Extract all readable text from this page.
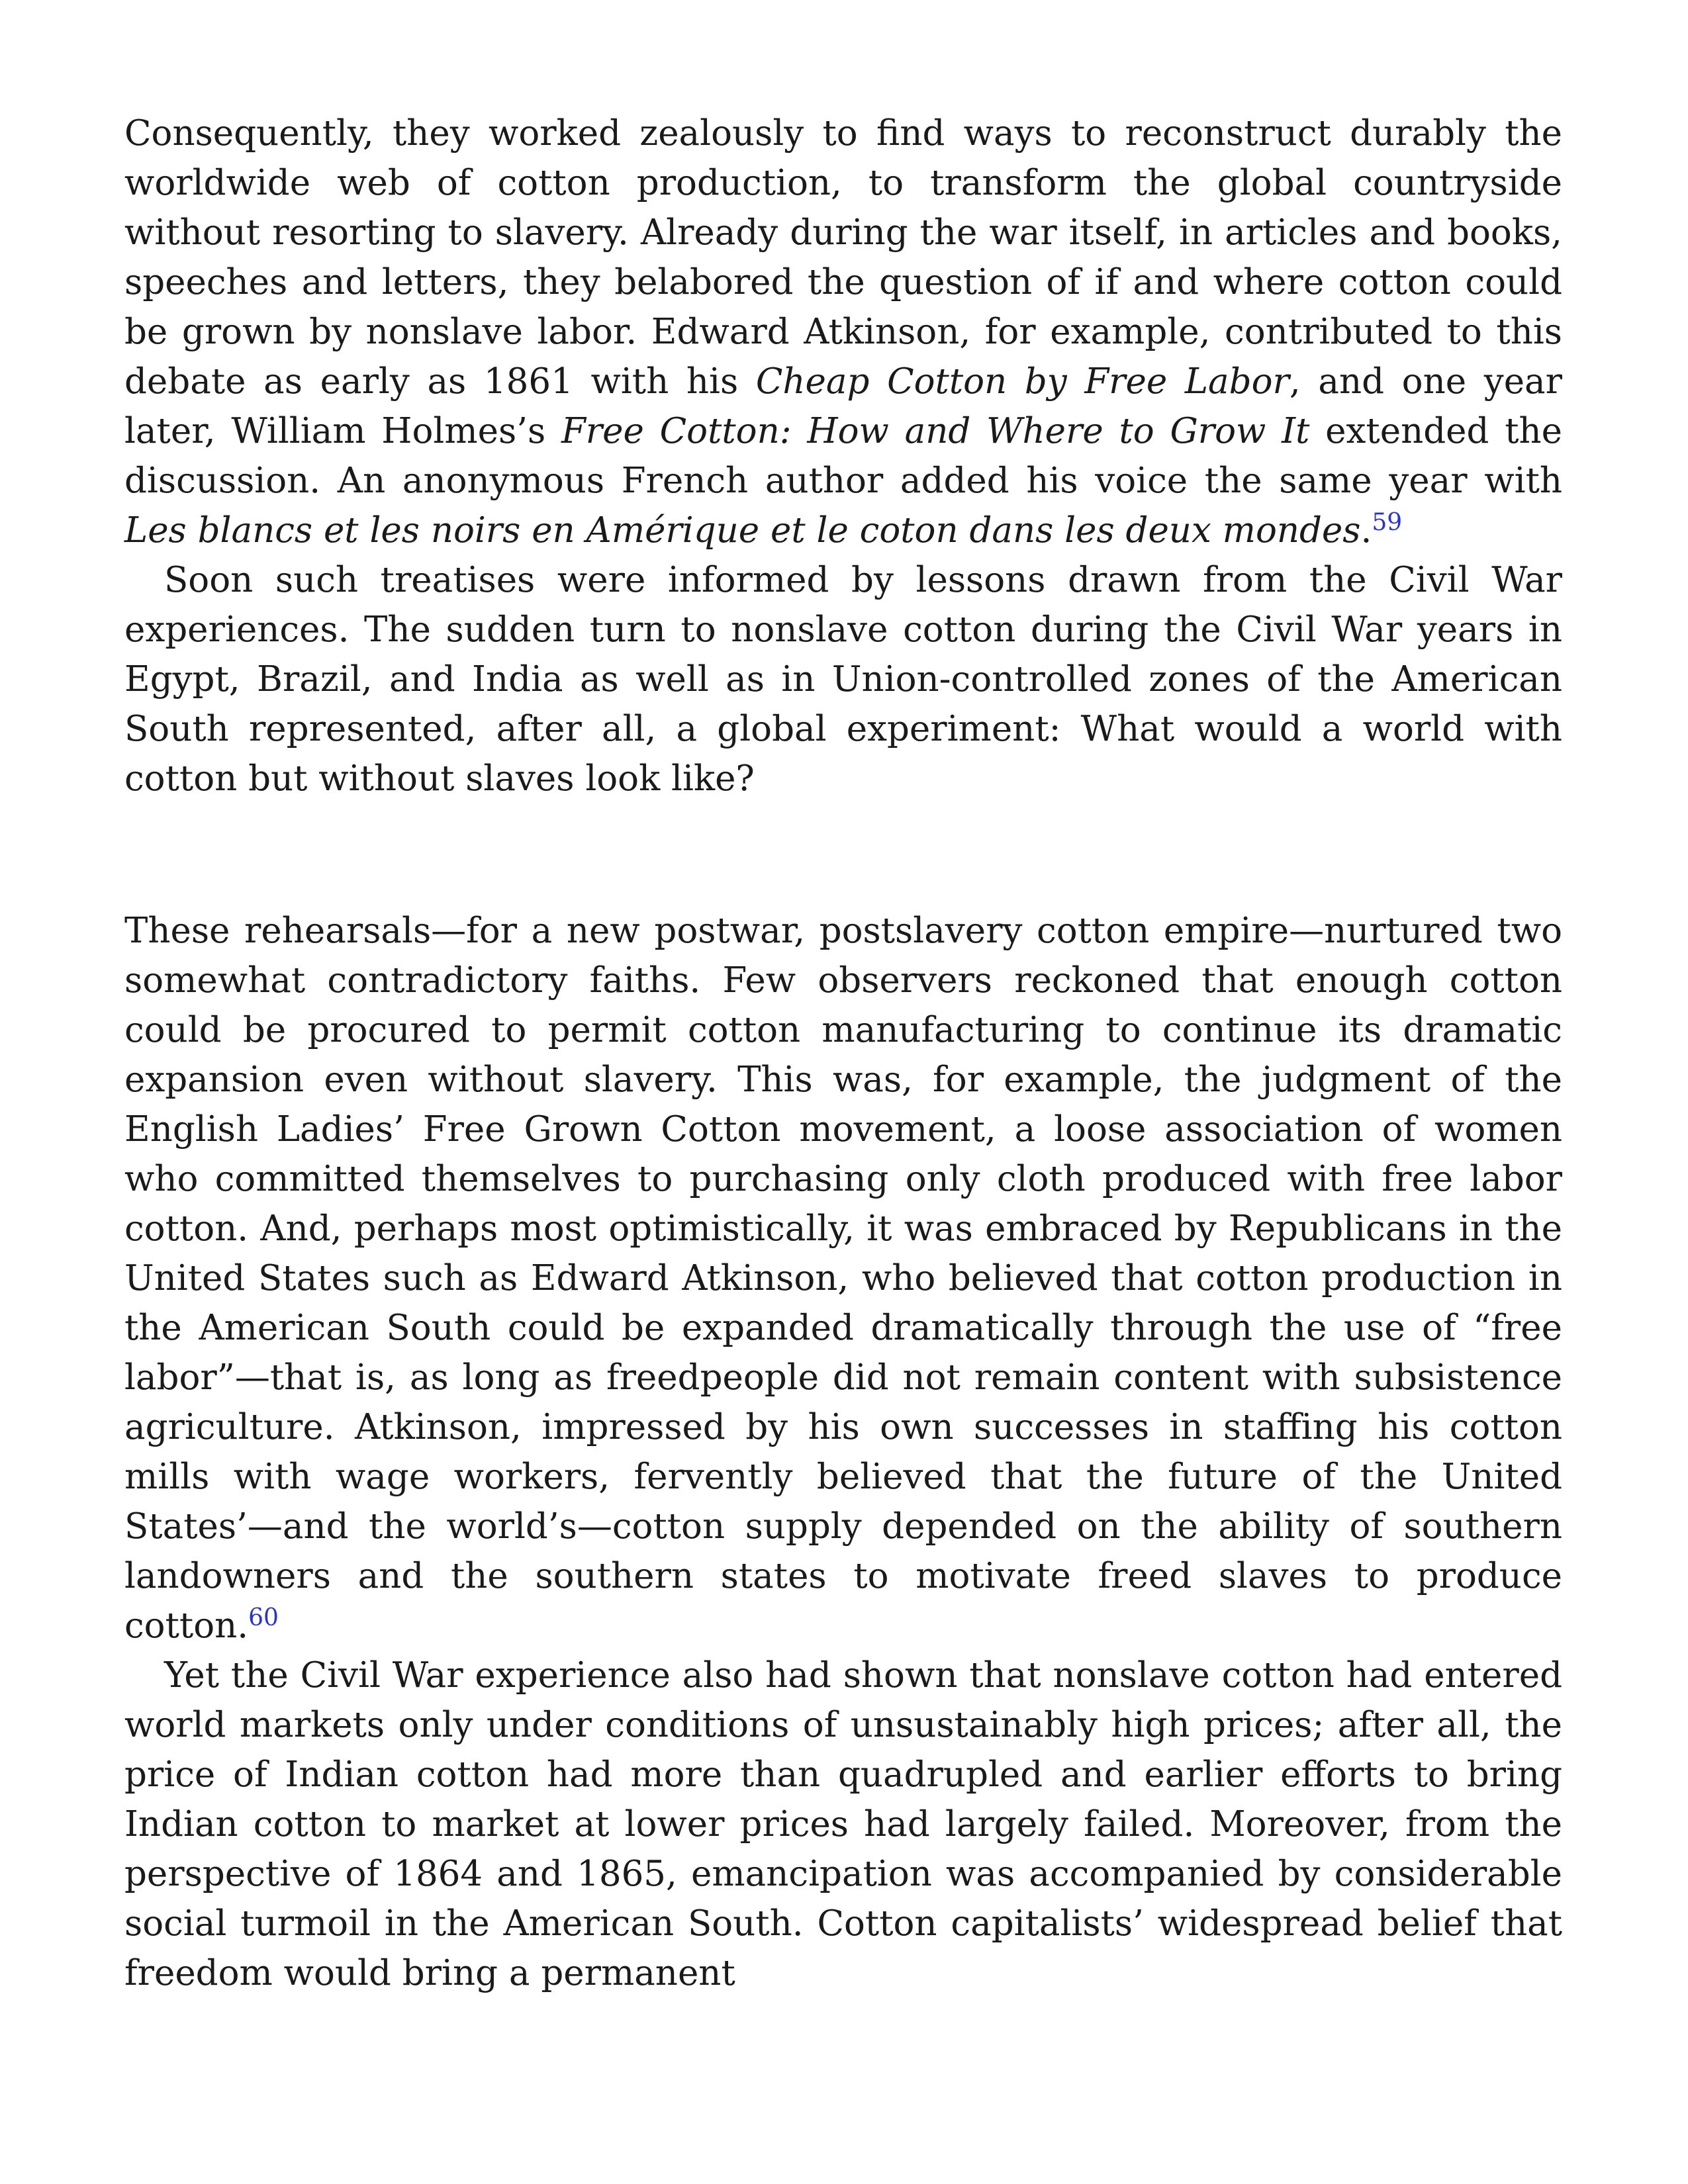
Consequently, they worked zealously to find ways to reconstruct durably the worldwide web of cotton production, to transform the global countryside without resorting to slavery. Already during the war itself, in articles and books, speeches and letters, they belabored the question of if and where cotton could be grown by nonslave labor. Edward Atkinson, for example, contributed to this debate as early as 1861 with his Cheap Cotton by Free Labor, and one year later, William Holmes’s Free Cotton: How and Where to Grow It extended the discussion. An anonymous French author added his voice the same year with Les blancs et les noirs en Amérique et le coton dans les deux mondes.$^{59}$

Soon such treatises were informed by lessons drawn from the Civil War experiences. The sudden turn to nonslave cotton during the Civil War years in Egypt, Brazil, and India as well as in Union-controlled zones of the American South represented, after all, a global experiment: What would a world with cotton but without slaves look like?

These rehearsals—for a new postwar, postslavery cotton empire—nurtured two somewhat contradictory faiths. Few observers reckoned that enough cotton could be procured to permit cotton manufacturing to continue its dramatic expansion even without slavery. This was, for example, the judgment of the English Ladies’ Free Grown Cotton movement, a loose association of women who committed themselves to purchasing only cloth produced with free labor cotton. And, perhaps most optimistically, it was embraced by Republicans in the United States such as Edward Atkinson, who believed that cotton production in the American South could be expanded dramatically through the use of “free labor”—that is, as long as freedpeople did not remain content with subsistence agriculture. Atkinson, impressed by his own successes in staffing his cotton mills with wage workers, fervently believed that the future of the United States’—and the world’s—cotton supply depended on the ability of southern landowners and the southern states to motivate freed slaves to produce cotton.$^{60}$

Yet the Civil War experience also had shown that nonslave cotton had entered world markets only under conditions of unsustainably high prices; after all, the price of Indian cotton had more than quadrupled and earlier efforts to bring Indian cotton to market at lower prices had largely failed. Moreover, from the perspective of 1864 and 1865, emancipation was accompanied by considerable social turmoil in the American South. Cotton capitalists’ widespread belief that freedom would bring a permanent
